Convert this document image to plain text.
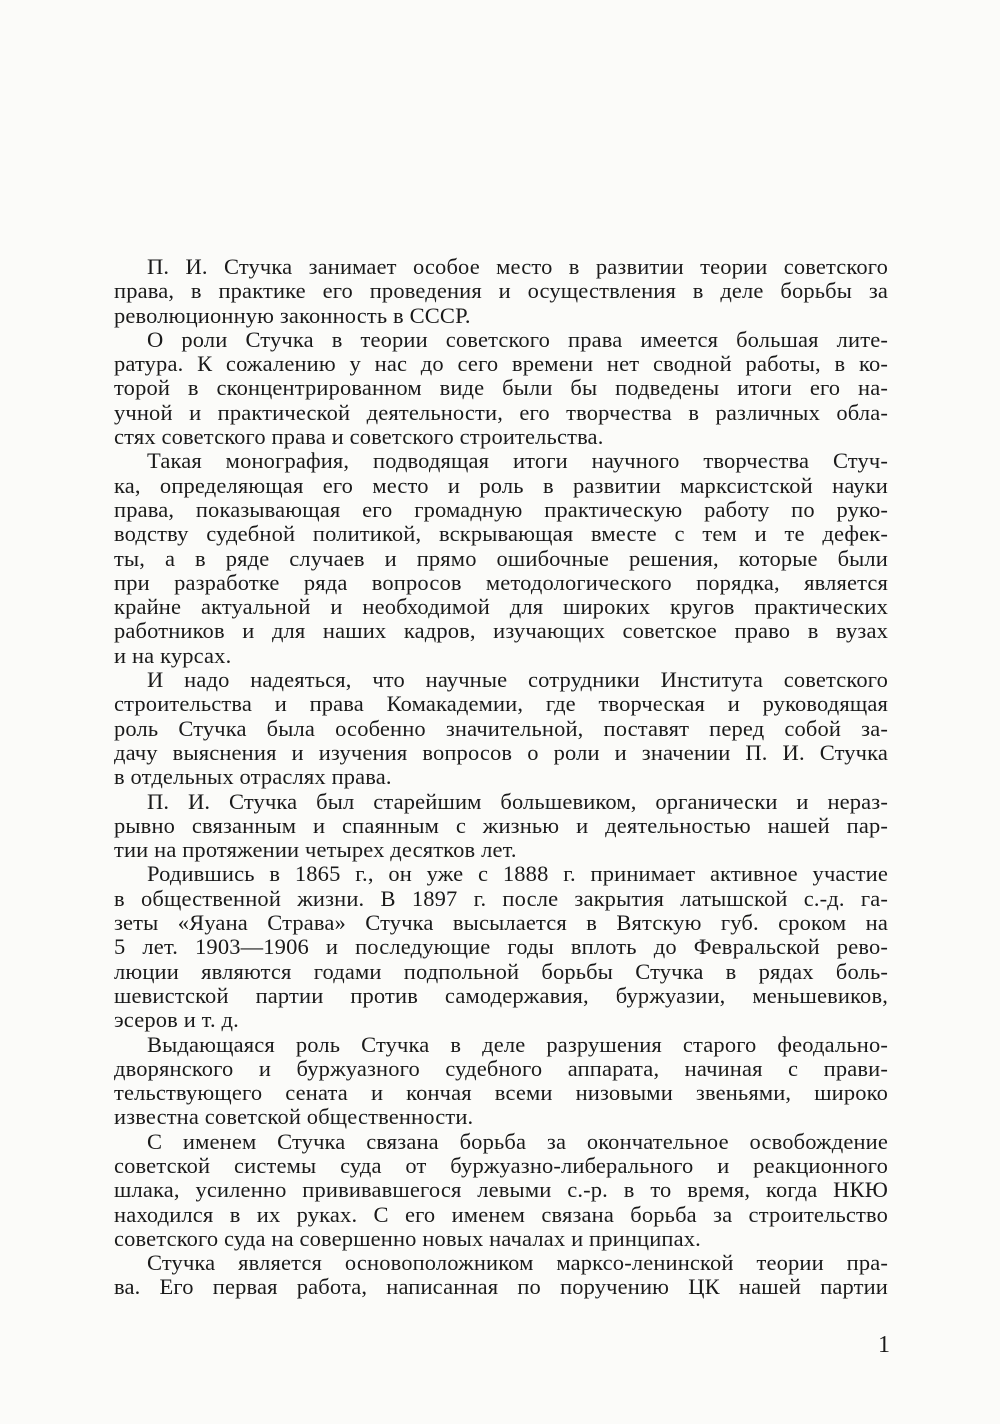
П. И. Стучка занимает особое место в развитии теории советского
права, в практике его проведения и осуществления в деле борьбы за
революционную законность в СССР.
О роли Стучка в теории советского права имеется большая лите-
ратура. К сожалению у нас до сего времени нет сводной работы, в ко-
торой в сконцентрированном виде были бы подведены итоги его на-
учной и практической деятельности, его творчества в различных обла-
стях советского права и советского строительства.
Такая монография, подводящая итоги научного творчества Стуч-
ка, определяющая его место и роль в развитии марксистской науки
права, показывающая его громадную практическую работу по руко-
водству судебной политикой, вскрывающая вместе с тем и те дефек-
ты, а в ряде случаев и прямо ошибочные решения, которые были
при разработке ряда вопросов методологического порядка, является
крайне актуальной и необходимой для широких кругов практических
работников и для наших кадров, изучающих советское право в вузах
и на курсах.
И надо надеяться, что научные сотрудники Института советского
строительства и права Комакадемии, где творческая и руководящая
роль Стучка была особенно значительной, поставят перед собой за-
дачу выяснения и изучения вопросов о роли и значении П. И. Стучка
в отдельных отраслях права.
П. И. Стучка был старейшим большевиком, органически и нераз-
рывно связанным и спаянным с жизнью и деятельностью нашей пар-
тии на протяжении четырех десятков лет.
Родившись в 1865 г., он уже с 1888 г. принимает активное участие
в общественной жизни. В 1897 г. после закрытия латышской с.-д. га-
зеты «Яуана Страва» Стучка высылается в Вятскую губ. сроком на
5 лет. 1903—1906 и последующие годы вплоть до Февральской рево-
люции являются годами подпольной борьбы Стучка в рядах боль-
шевистской партии против самодержавия, буржуазии, меньшевиков,
эсеров и т. д.
Выдающаяся роль Стучка в деле разрушения старого феодально-
дворянского и буржуазного судебного аппарата, начиная с прави-
тельствующего сената и кончая всеми низовыми звеньями, широко
известна советской общественности.
С именем Стучка связана борьба за окончательное освобождение
советской системы суда от буржуазно-либерального и реакционного
шлака, усиленно прививавшегося левыми с.-р. в то время, когда НКЮ
находился в их руках. С его именем связана борьба за строительство
советского суда на совершенно новых началах и принципах.
Стучка является основоположником марксо-ленинской теории пра-
ва. Его первая работа, написанная по поручению ЦК нашей партии
1
